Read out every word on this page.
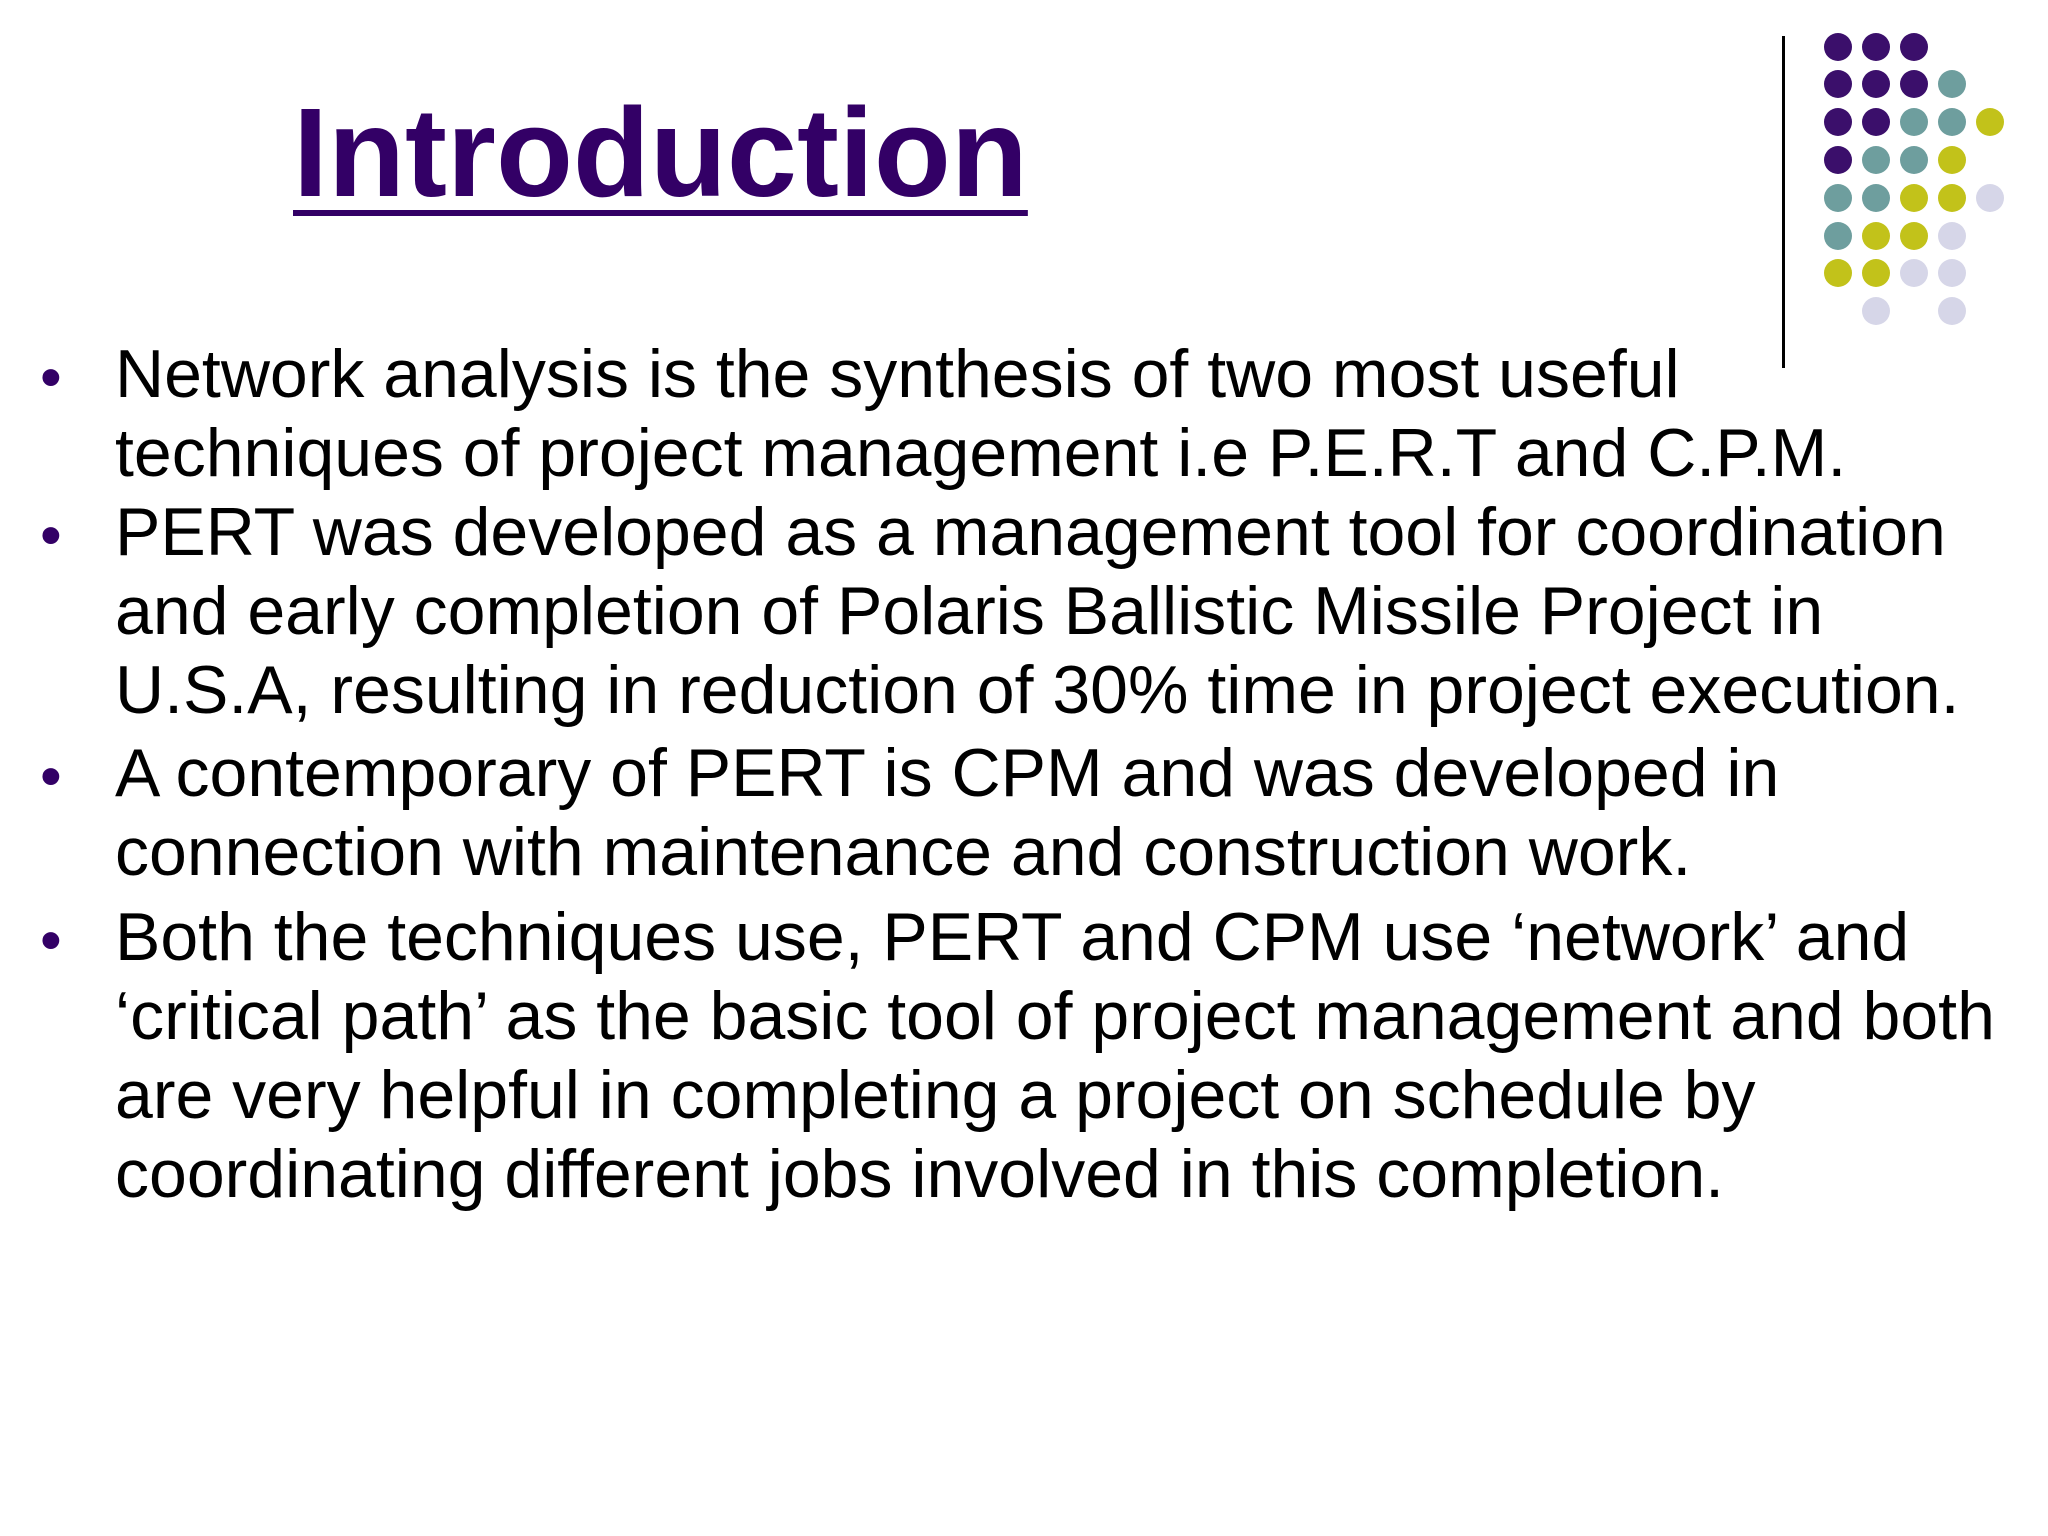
Introduction
• Network analysis is the synthesis of two most useful techniques of project management i.e P.E.R.T and C.P.M.
• PERT was developed as a management tool for coordination and early completion of Polaris Ballistic Missile Project in U.S.A, resulting in reduction of 30% time in project execution.
• A contemporary of PERT is CPM and was developed in connection with maintenance and construction work.
• Both the techniques use, PERT and CPM use ‘network’ and ‘critical path’ as the basic tool of project management and both are very helpful in completing a project on schedule by coordinating different jobs involved in this completion.
